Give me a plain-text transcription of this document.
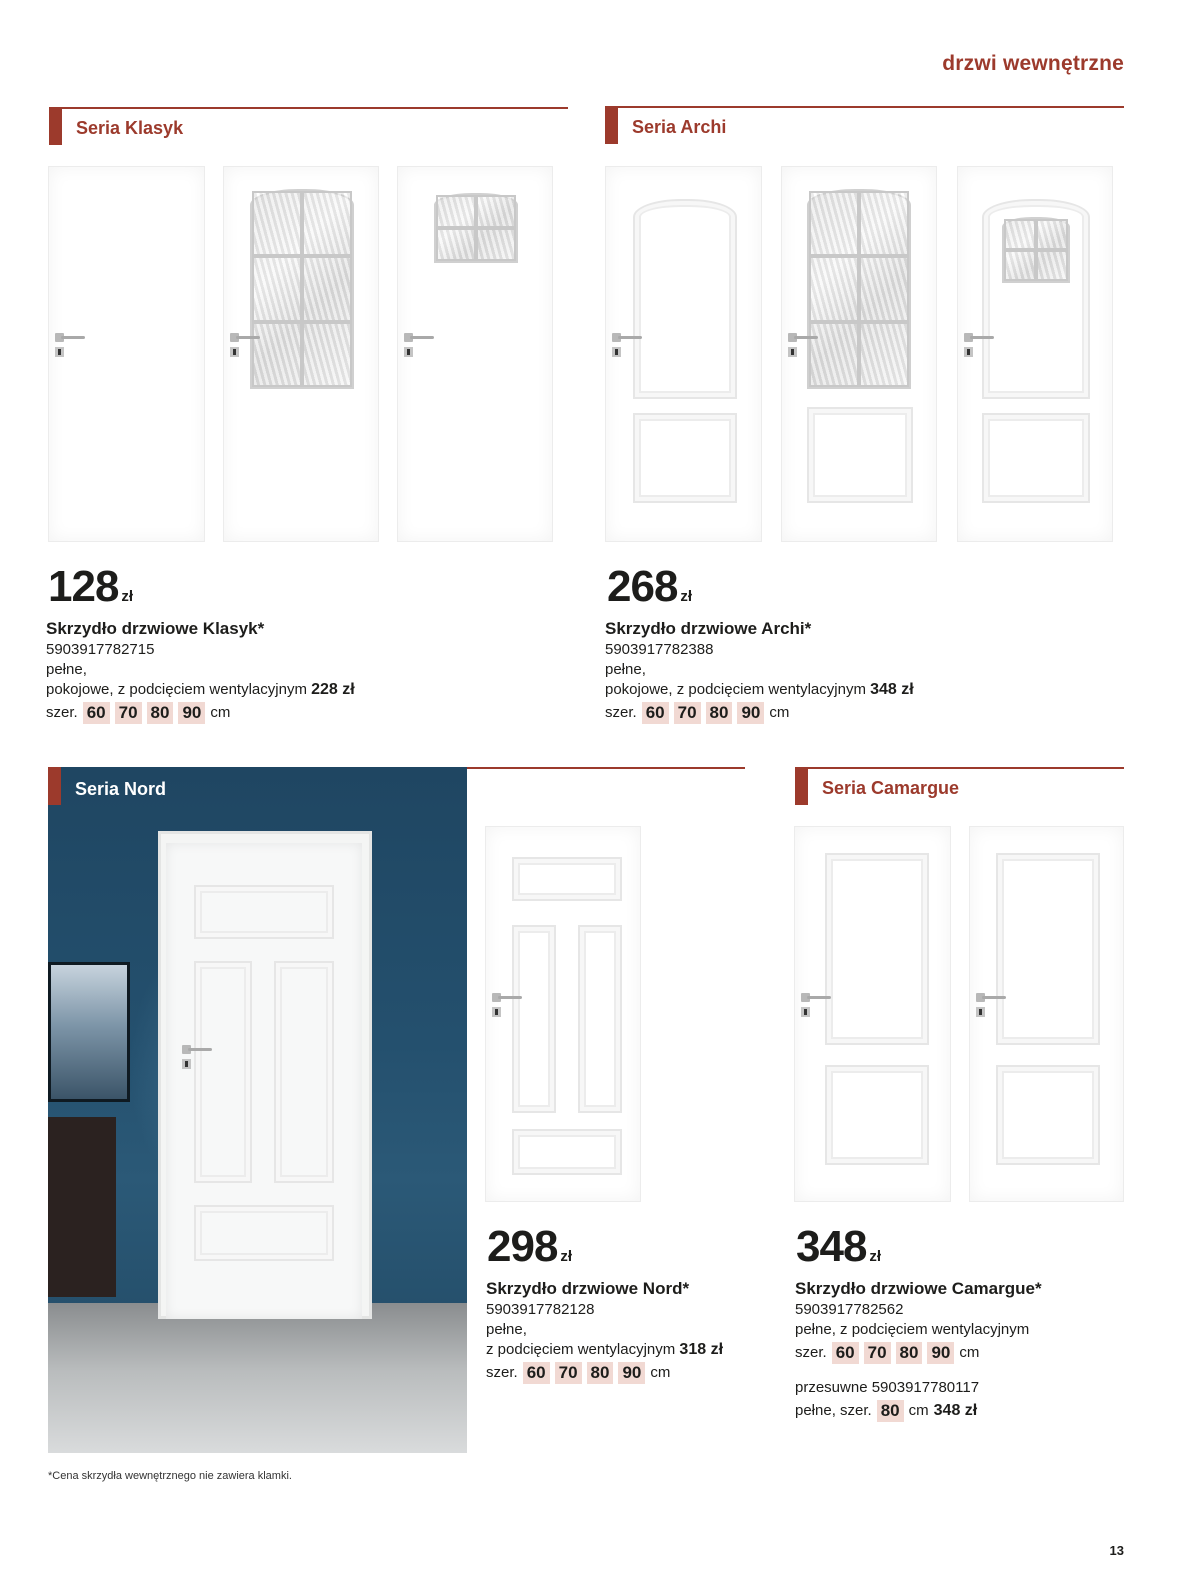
drzwi wewnętrzne
Seria Klasyk
128 zł
Skrzydło drzwiowe Klasyk*
5903917782715
pełne,
pokojowe, z podcięciem wentylacyjnym 228 zł
szer. 60 70 80 90 cm
Seria Archi
268 zł
Skrzydło drzwiowe Archi*
5903917782388
pełne,
pokojowe, z podcięciem wentylacyjnym 348 zł
szer. 60 70 80 90 cm
Seria Nord
298 zł
Skrzydło drzwiowe Nord*
5903917782128
pełne,
z podcięciem wentylacyjnym 318 zł
szer. 60 70 80 90 cm
Seria Camargue
348 zł
Skrzydło drzwiowe Camargue*
5903917782562
pełne, z podcięciem wentylacyjnym
szer. 60 70 80 90 cm
przesuwne 5903917780117
pełne, szer. 80 cm 348 zł
*Cena skrzydła wewnętrznego nie zawiera klamki.
13
